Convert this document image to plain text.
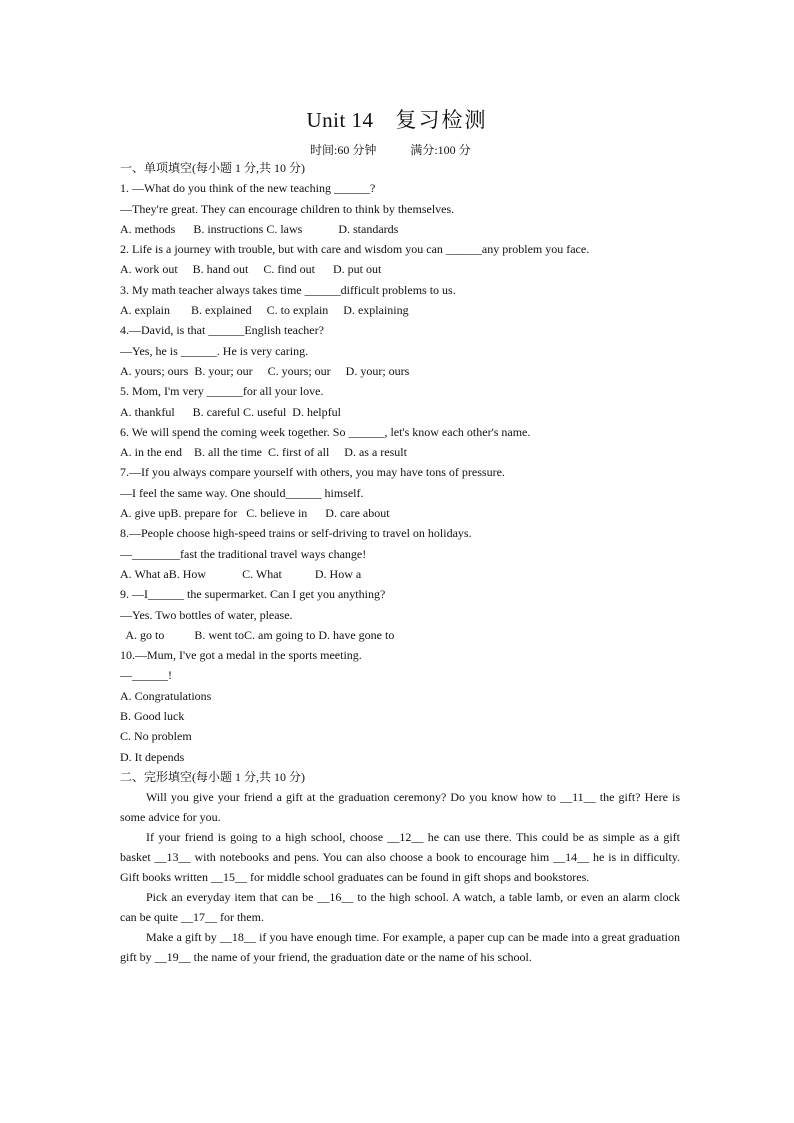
Unit 14 复习检测
时间:60 分钟	满分:100 分
一、单项填空(每小题 1 分,共 10 分)
1. —What do you think of the new teaching ______?
—They're great. They can encourage children to think by themselves.
A. methods      B. instructions C. laws            D. standards
2. Life is a journey with trouble, but with care and wisdom you can ______any problem you face.
A. work out     B. hand out     C. find out      D. put out
3. My math teacher always takes time ______difficult problems to us.
A. explain       B. explained     C. to explain     D. explaining
4.—David, is that ______English teacher?
—Yes, he is ______. He is very caring.
A. yours; ours  B. your; our     C. yours; our     D. your; ours
5. Mom, I'm very ______for all your love.
A. thankful      B. careful C. useful  D. helpful
6. We will spend the coming week together. So ______, let's know each other's name.
A. in the end    B. all the time  C. first of all     D. as a result
7.—If you always compare yourself with others, you may have tons of pressure.
—I feel the same way. One should______ himself.
A. give upB. prepare for   C. believe in      D. care about
8.—People choose high-speed trains or self-driving to travel on holidays.
—________fast the traditional travel ways change!
A. What aB. How            C. What           D. How a
9. —I______ the supermarket. Can I get you anything?
—Yes. Two bottles of water, please.
A. go to          B. went toC. am going to D. have gone to
10.—Mum, I've got a medal in the sports meeting.
—______!
A. Congratulations
B. Good luck
C. No problem
D. It depends
二、完形填空(每小题 1 分,共 10 分)
Will you give your friend a gift at the graduation ceremony? Do you know how to __11__ the gift? Here is some advice for you.
If your friend is going to a high school, choose __12__ he can use there. This could be as simple as a gift basket __13__ with notebooks and pens. You can also choose a book to encourage him __14__ he is in difficulty. Gift books written __15__ for middle school graduates can be found in gift shops and bookstores.
Pick an everyday item that can be __16__ to the high school. A watch, a table lamb, or even an alarm clock can be quite __17__ for them.
Make a gift by __18__ if you have enough time. For example, a paper cup can be made into a great graduation gift by __19__ the name of your friend, the graduation date or the name of his school.
